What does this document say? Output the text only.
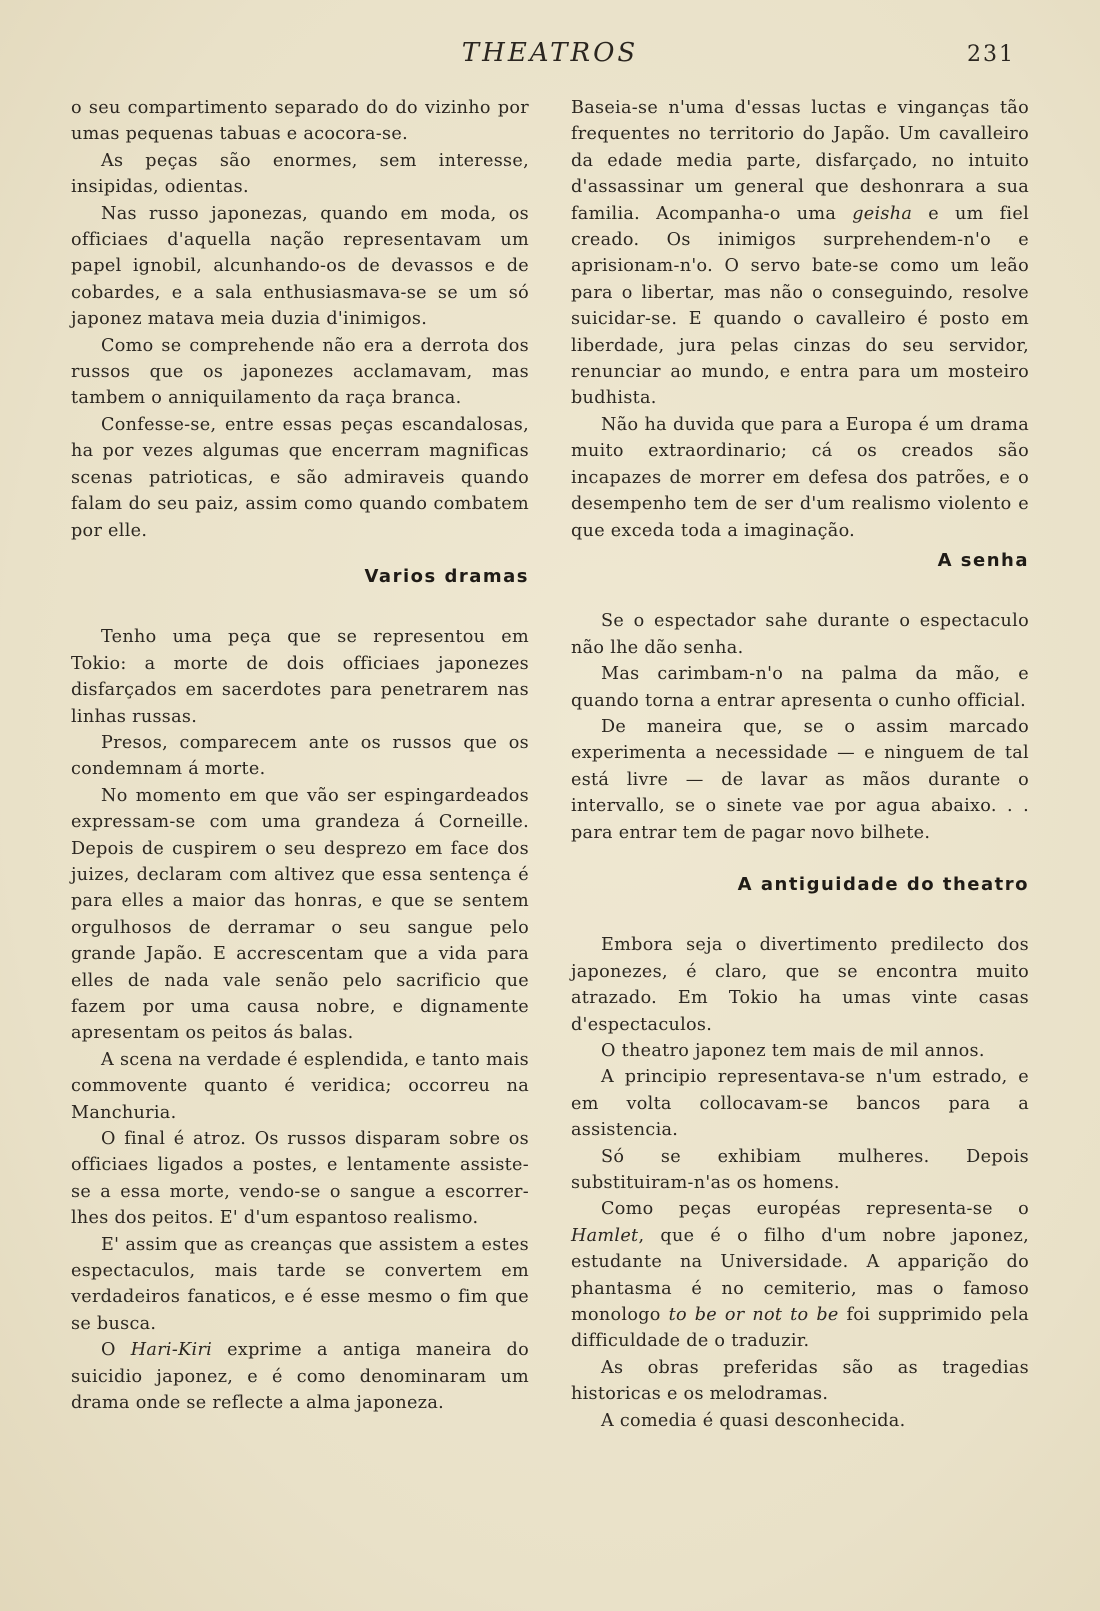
THEATROS	231

o seu compartimento separado do do vizinho por umas pequenas tabuas e acocora-se.

As peças são enormes, sem interesse, insipidas, odientas.

Nas russo japonezas, quando em moda, os officiaes d'aquella nação representavam um papel ignobil, alcunhando-os de devassos e de cobardes, e a sala enthusiasmava-se se um só japonez matava meia duzia d'inimigos.

Como se comprehende não era a derrota dos russos que os japonezes acclamavam, mas tambem o anniquilamento da raça branca.

Confesse-se, entre essas peças escandalosas, ha por vezes algumas que encerram magnificas scenas patrioticas, e são admiraveis quando falam do seu paiz, assim como quando combatem por elle.

Varios dramas

Tenho uma peça que se representou em Tokio: a morte de dois officiaes japonezes disfarçados em sacerdotes para penetrarem nas linhas russas.

Presos, comparecem ante os russos que os condemnam á morte.

No momento em que vão ser espingardeados expressam-se com uma grandeza á Corneille. Depois de cuspirem o seu desprezo em face dos juizes, declaram com altivez que essa sentença é para elles a maior das honras, e que se sentem orgulhosos de derramar o seu sangue pelo grande Japão. E accrescentam que a vida para elles de nada vale senão pelo sacrificio que fazem por uma causa nobre, e dignamente apresentam os peitos ás balas.

A scena na verdade é esplendida, e tanto mais commovente quanto é veridica; occorreu na Manchuria.

O final é atroz. Os russos disparam sobre os officiaes ligados a postes, e lentamente assiste-se a essa morte, vendo-se o sangue a escorrer-lhes dos peitos. E' d'um espantoso realismo.

E' assim que as creanças que assistem a estes espectaculos, mais tarde se convertem em verdadeiros fanaticos, e é esse mesmo o fim que se busca.

O Hari-Kiri exprime a antiga maneira do suicidio japonez, e é como denominaram um drama onde se reflecte a alma japoneza.

Baseia-se n'uma d'essas luctas e vinganças tão frequentes no territorio do Japão. Um cavalleiro da edade media parte, disfarçado, no intuito d'assassinar um general que deshonrara a sua familia. Acompanha-o uma geisha e um fiel creado. Os inimigos surprehendem-n'o e aprisionam-n'o. O servo bate-se como um leão para o libertar, mas não o conseguindo, resolve suicidar-se. E quando o cavalleiro é posto em liberdade, jura pelas cinzas do seu servidor, renunciar ao mundo, e entra para um mosteiro budhista.

Não ha duvida que para a Europa é um drama muito extraordinario; cá os creados são incapazes de morrer em defesa dos patrões, e o desempenho tem de ser d'um realismo violento e que exceda toda a imaginação.

A senha

Se o espectador sahe durante o espectaculo não lhe dão senha.

Mas carimbam-n'o na palma da mão, e quando torna a entrar apresenta o cunho official.

De maneira que, se o assim marcado experimenta a necessidade — e ninguem de tal está livre — de lavar as mãos durante o intervallo, se o sinete vae por agua abaixo. . . para entrar tem de pagar novo bilhete.

A antiguidade do theatro

Embora seja o divertimento predilecto dos japonezes, é claro, que se encontra muito atrazado. Em Tokio ha umas vinte casas d'espectaculos.

O theatro japonez tem mais de mil annos.

A principio representava-se n'um estrado, e em volta collocavam-se bancos para a assistencia.

Só se exhibiam mulheres. Depois substituiram-n'as os homens.

Como peças européas representa-se o Hamlet, que é o filho d'um nobre japonez, estudante na Universidade. A apparição do phantasma é no cemiterio, mas o famoso monologo to be or not to be foi supprimido pela difficuldade de o traduzir.

As obras preferidas são as tragedias historicas e os melodramas.

A comedia é quasi desconhecida.
